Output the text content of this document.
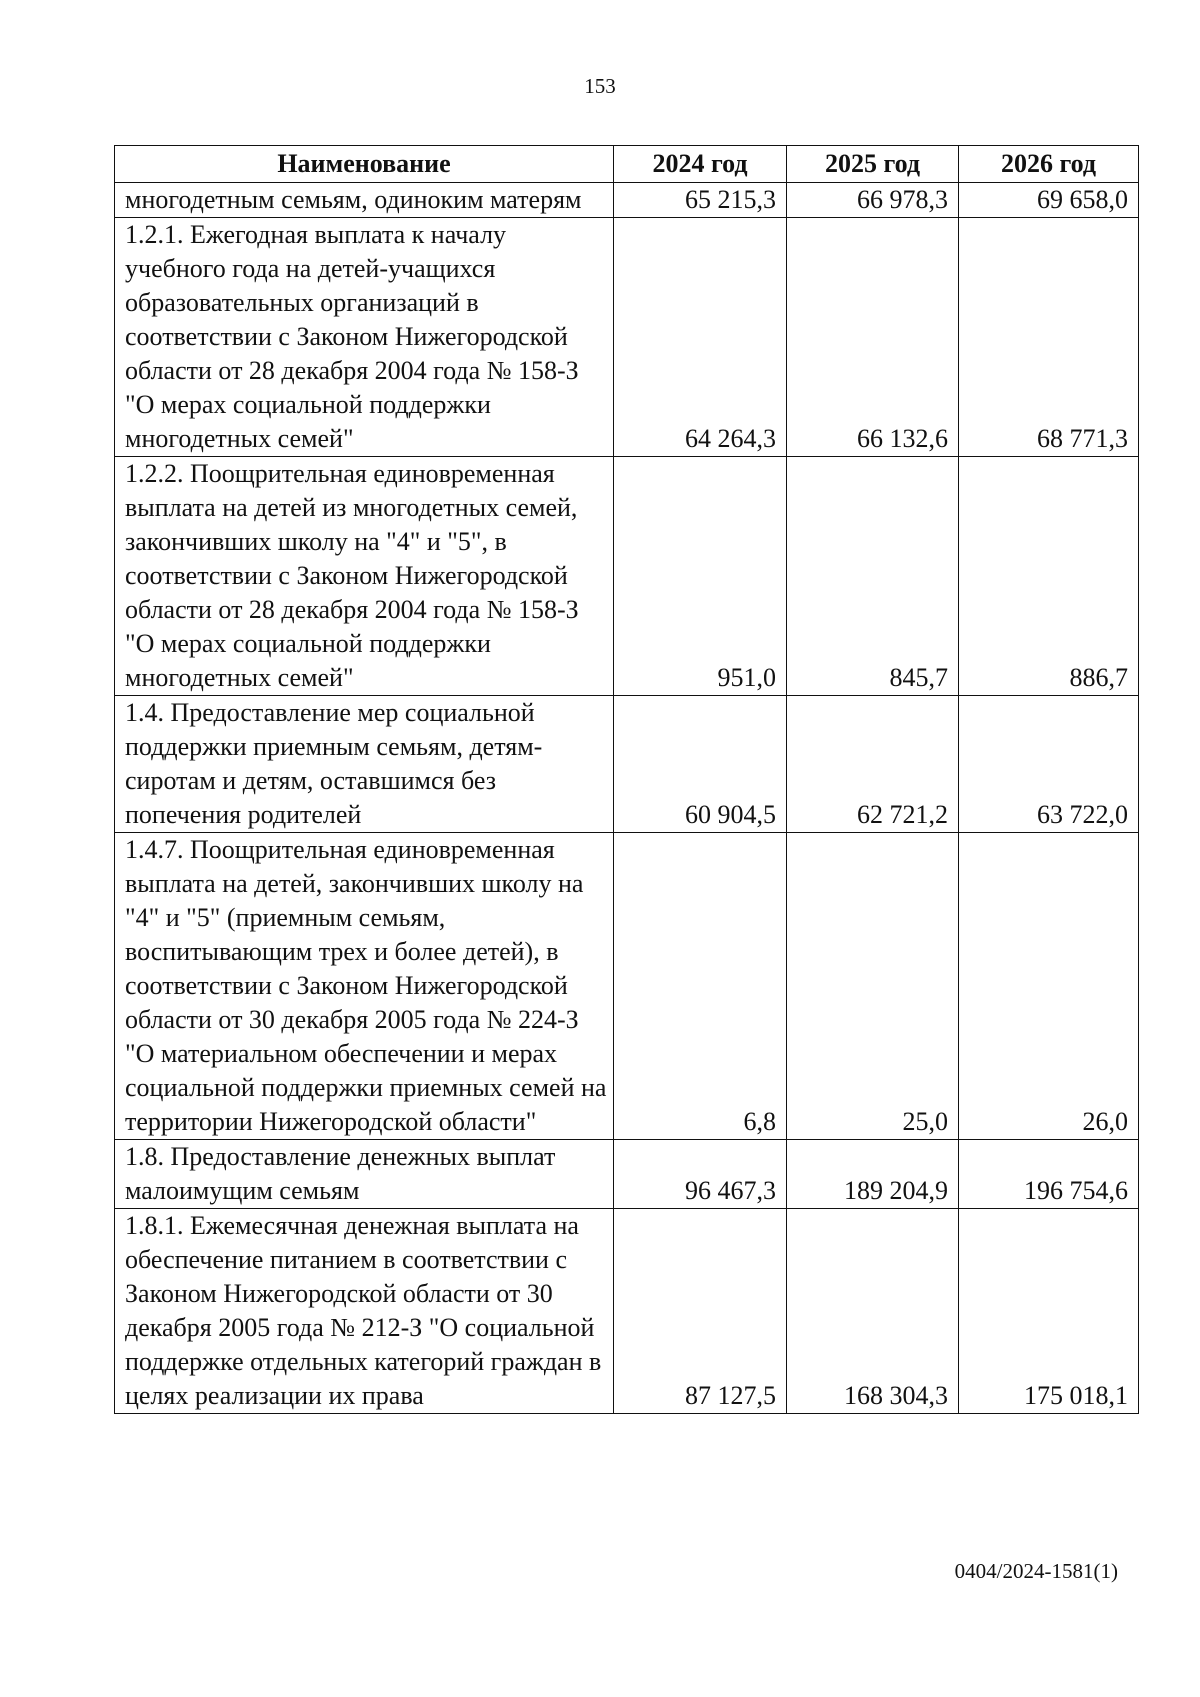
153
Наименование	2024 год	2025 год	2026 год
многодетным семьям, одиноким матерям	65 215,3	66 978,3	69 658,0
1.2.1. Ежегодная выплата к началу учебного года на детей-учащихся образовательных организаций в соответствии с Законом Нижегородской области от 28 декабря 2004 года № 158-З "О мерах социальной поддержки многодетных семей"	64 264,3	66 132,6	68 771,3
1.2.2. Поощрительная единовременная выплата на детей из многодетных семей, закончивших школу на "4" и "5", в соответствии с Законом Нижегородской области от 28 декабря 2004 года № 158-З "О мерах социальной поддержки многодетных семей"	951,0	845,7	886,7
1.4. Предоставление мер социальной поддержки приемным семьям, детям-сиротам и детям, оставшимся без попечения родителей	60 904,5	62 721,2	63 722,0
1.4.7. Поощрительная единовременная выплата на детей, закончивших школу на "4" и "5" (приемным семьям, воспитывающим трех и более детей), в соответствии с Законом Нижегородской области от 30 декабря 2005 года № 224-З "О материальном обеспечении и мерах социальной поддержки приемных семей на территории Нижегородской области"	6,8	25,0	26,0
1.8. Предоставление денежных выплат малоимущим семьям	96 467,3	189 204,9	196 754,6
1.8.1. Ежемесячная денежная выплата на обеспечение питанием в соответствии с Законом Нижегородской области от 30 декабря 2005 года № 212-З "О социальной поддержке отдельных категорий граждан в целях реализации их права	87 127,5	168 304,3	175 018,1
0404/2024-1581(1)
